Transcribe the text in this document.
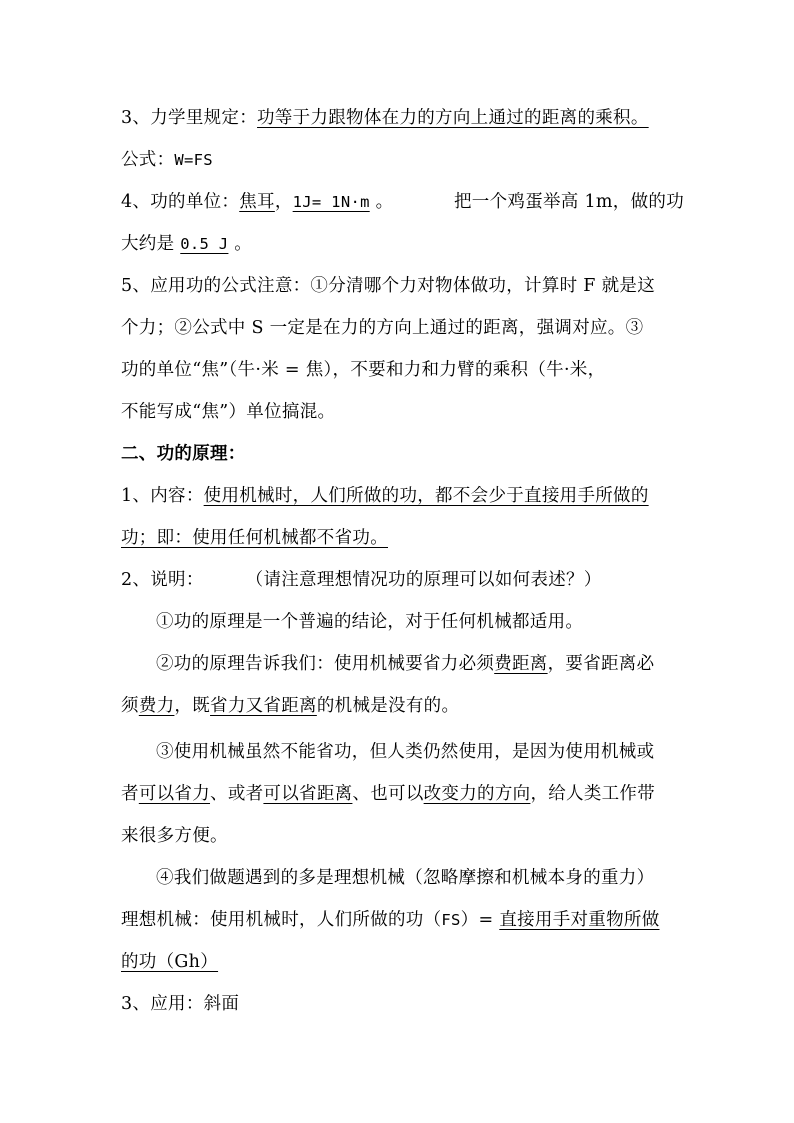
3、力学里规定：功等于力跟物体在力的方向上通过的距离的乘积。
公式：W=FS
4、功的单位：焦耳，1J= 1N·m 。	把一个鸡蛋举高 1m，做的功
大约是 0.5 J 。
5、应用功的公式注意：①分清哪个力对物体做功，计算时 F 就是这
个力；②公式中 S 一定是在力的方向上通过的距离，强调对应。③
功的单位“焦”（牛·米 = 焦），不要和力和力臂的乘积（牛·米，
不能写成“焦”）单位搞混。
二、功的原理：
1、内容：使用机械时，人们所做的功，都不会少于直接用手所做的
功；即：使用任何机械都不省功。
2、说明： （请注意理想情况功的原理可以如何表述？）
①功的原理是一个普遍的结论，对于任何机械都适用。
②功的原理告诉我们：使用机械要省力必须费距离，要省距离必
须费力，既省力又省距离的机械是没有的。
③使用机械虽然不能省功，但人类仍然使用，是因为使用机械或
者可以省力、或者可以省距离、也可以改变力的方向，给人类工作带
来很多方便。
④我们做题遇到的多是理想机械（忽略摩擦和机械本身的重力）
理想机械：使用机械时，人们所做的功（FS）= 直接用手对重物所做
的功（Gh）
3、应用：斜面
